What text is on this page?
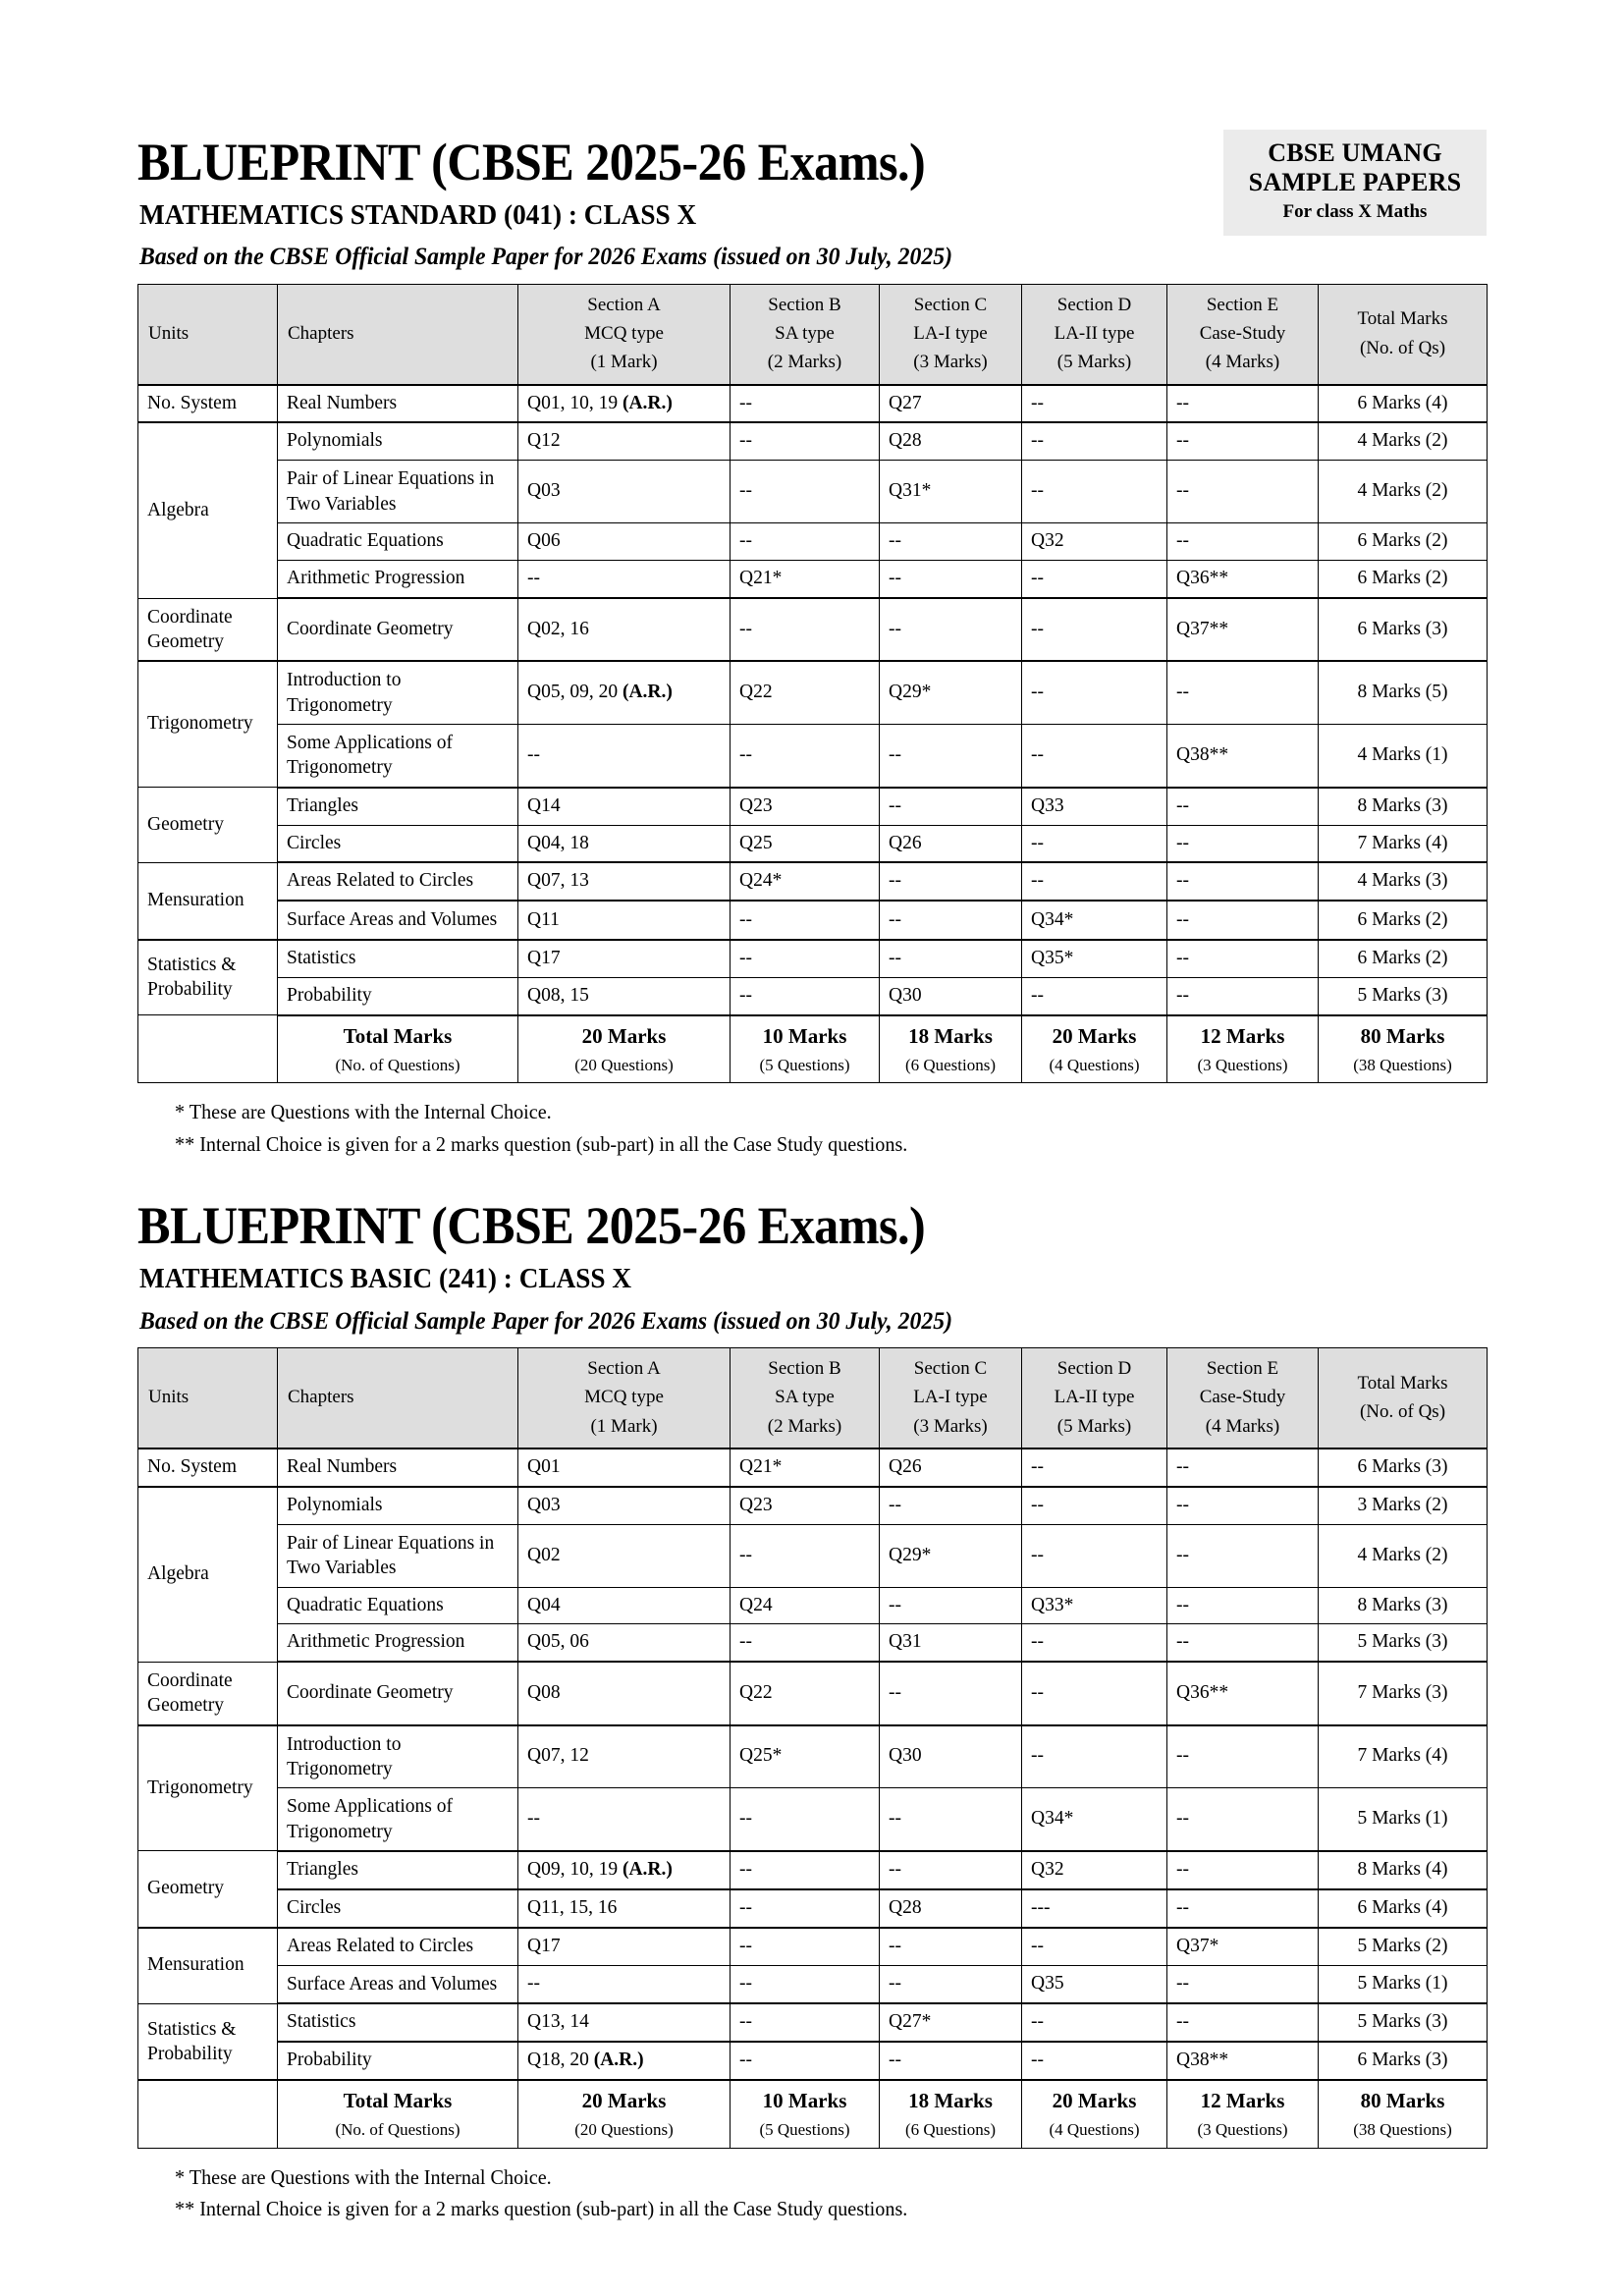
CBSE UMANG
SAMPLE PAPERS
For class X Maths
BLUEPRINT (CBSE 2025-26 Exams.)
MATHEMATICS STANDARD (041) : CLASS X
Based on the CBSE Official Sample Paper for 2026 Exams (issued on 30 July, 2025)
Units	Chapters	Section A
MCQ type
(1 Mark)	Section B
SA type
(2 Marks)	Section C
LA-I type
(3 Marks)	Section D
LA-II type
(5 Marks)	Section E
Case-Study
(4 Marks)	Total Marks
(No. of Qs)

No. System	Real Numbers	Q01, 10, 19 (A.R.)	--	Q27	--	--	6 Marks (4)
Algebra	Polynomials	Q12	--	Q28	--	--	4 Marks (2)
	Pair of Linear Equations in Two Variables	Q03	--	Q31*	--	--	4 Marks (2)
	Quadratic Equations	Q06	--	--	Q32	--	6 Marks (2)
	Arithmetic Progression	--	Q21*	--	--	Q36**	6 Marks (2)
Coordinate Geometry	Coordinate Geometry	Q02, 16	--	--	--	Q37**	6 Marks (3)
Trigonometry	Introduction to Trigonometry	Q05, 09, 20 (A.R.)	Q22	Q29*	--	--	8 Marks (5)
	Some Applications of Trigonometry	--	--	--	--	Q38**	4 Marks (1)
Geometry	Triangles	Q14	Q23	--	Q33	--	8 Marks (3)
	Circles	Q04, 18	Q25	Q26	--	--	7 Marks (4)
Mensuration	Areas Related to Circles	Q07, 13	Q24*	--	--	--	4 Marks (3)
	Surface Areas and Volumes	Q11	--	--	Q34*	--	6 Marks (2)
Statistics & Probability	Statistics	Q17	--	--	Q35*	--	6 Marks (2)
	Probability	Q08, 15	--	Q30	--	--	5 Marks (3)
	Total Marks
(No. of Questions)	20 Marks
(20 Questions)	10 Marks
(5 Questions)	18 Marks
(6 Questions)	20 Marks
(4 Questions)	12 Marks
(3 Questions)	80 Marks
(38 Questions)
* These are Questions with the Internal Choice.
** Internal Choice is given for a 2 marks question (sub-part) in all the Case Study questions.
BLUEPRINT (CBSE 2025-26 Exams.)
MATHEMATICS BASIC (241) : CLASS X
Based on the CBSE Official Sample Paper for 2026 Exams (issued on 30 July, 2025)
Units	Chapters	Section A
MCQ type
(1 Mark)	Section B
SA type
(2 Marks)	Section C
LA-I type
(3 Marks)	Section D
LA-II type
(5 Marks)	Section E
Case-Study
(4 Marks)	Total Marks
(No. of Qs)

No. System	Real Numbers	Q01	Q21*	Q26	--	--	6 Marks (3)
Algebra	Polynomials	Q03	Q23	--	--	--	3 Marks (2)
	Pair of Linear Equations in Two Variables	Q02	--	Q29*	--	--	4 Marks (2)
	Quadratic Equations	Q04	Q24	--	Q33*	--	8 Marks (3)
	Arithmetic Progression	Q05, 06	--	Q31	--	--	5 Marks (3)
Coordinate Geometry	Coordinate Geometry	Q08	Q22	--	--	Q36**	7 Marks (3)
Trigonometry	Introduction to Trigonometry	Q07, 12	Q25*	Q30	--	--	7 Marks (4)
	Some Applications of Trigonometry	--	--	--	Q34*	--	5 Marks (1)
Geometry	Triangles	Q09, 10, 19 (A.R.)	--	--	Q32	--	8 Marks (4)
	Circles	Q11, 15, 16	--	Q28	---	--	6 Marks (4)
Mensuration	Areas Related to Circles	Q17	--	--	--	Q37*	5 Marks (2)
	Surface Areas and Volumes	--	--	--	Q35	--	5 Marks (1)
Statistics & Probability	Statistics	Q13, 14	--	Q27*	--	--	5 Marks (3)
	Probability	Q18, 20 (A.R.)	--	--	--	Q38**	6 Marks (3)
	Total Marks
(No. of Questions)	20 Marks
(20 Questions)	10 Marks
(5 Questions)	18 Marks
(6 Questions)	20 Marks
(4 Questions)	12 Marks
(3 Questions)	80 Marks
(38 Questions)
* These are Questions with the Internal Choice.
** Internal Choice is given for a 2 marks question (sub-part) in all the Case Study questions.
